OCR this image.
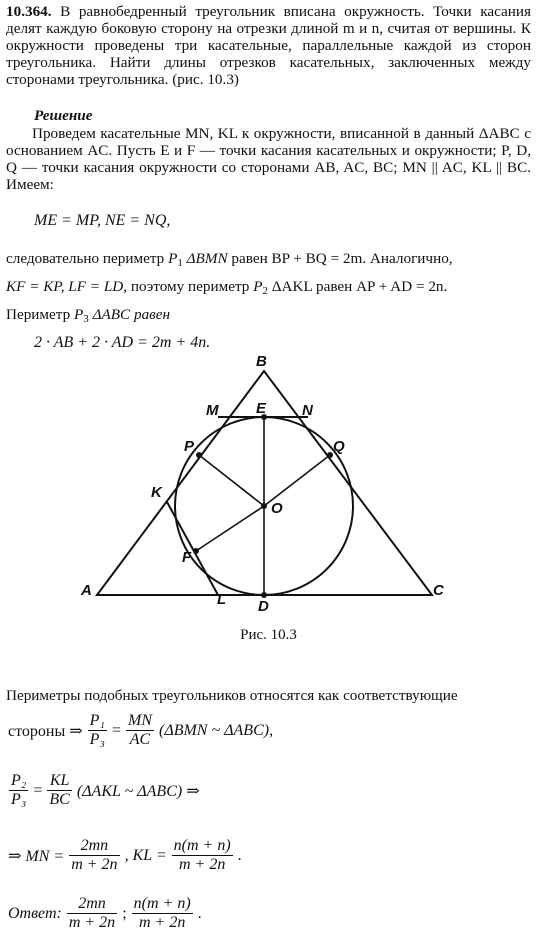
10.364. В равнобедренный треугольник вписана окружность. Точки касания делят каждую боковую сторону на отрезки длиной m и n, считая от вершины. К окружности проведены три касательные, параллельные каждой из сторон треугольника. Найти длины отрезков касательных, заключенных между сторонами треугольника. (рис. 10.3)
Решение
Проведем касательные MN, KL к окружности, вписанной в данный ΔABC с основанием AC. Пусть E и F — точки касания касательных и окружности; P, D, Q — точки касания окружности со сторонами AB, AC, BC; MN || AC, KL || BC. Имеем:
ME = MP, NE = NQ,
следовательно периметр $P_1$ ΔBMN равен BP + BQ = 2m. Аналогично,
KF = KP, LF = LD, поэтому периметр $P_2$ ΔAKL равен AP + AD = 2n.
Периметр $P_3$ ΔABC равен
2 · AB + 2 · AD = 2m + 4n.
B
M	E N
P	Q
K
O
F
A
L D
C
Рис. 10.3
Периметры подобных треугольников относятся как соответствующие
стороны ⇒ $\frac{\text{P₁}}{\text{P₃}} = \frac{MN}{AC} (\Delta BMN$ ~ ΔABC),
$\frac{\text{P₂}}{\text{P₃}} = \frac{KL}{BC} (\Delta AKL$ ~ ΔABC) ⇒
⇒ MN = $\frac{2mn}{m + 2n}$ , KL = $\frac{n(m + n)}{m + 2n}$ .
Ответ: $\frac{2mn}{m + 2n}$ ; $\frac{n(m + n)}{m + 2n}$ .
